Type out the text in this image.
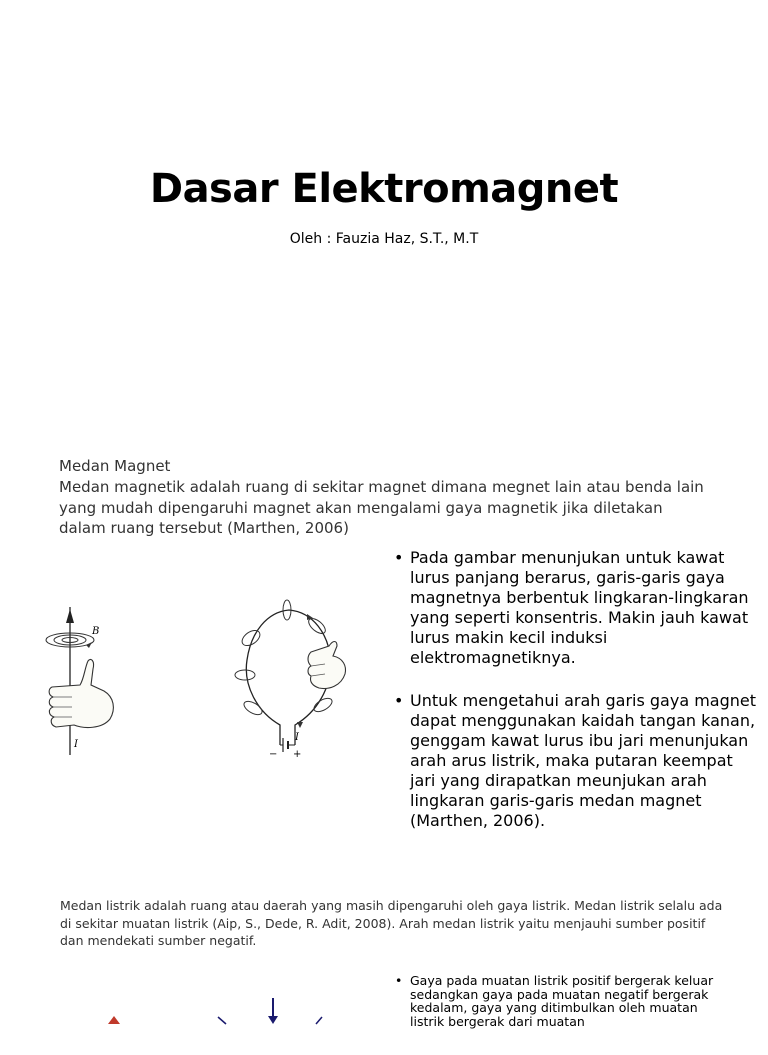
Dasar Elektromagnet
Oleh : Fauzia Haz, S.T., M.T
Medan Magnet
Medan magnetik adalah ruang di sekitar magnet dimana megnet lain atau benda lain yang mudah dipengaruhi magnet akan mengalami gaya magnetik jika diletakan dalam ruang tersebut (Marthen, 2006)
• Pada gambar menunjukan untuk kawat lurus panjang berarus, garis-garis gaya magnetnya berbentuk lingkaran-lingkaran yang seperti konsentris. Makin jauh kawat lurus makin kecil induksi elektromagnetiknya.
• Untuk mengetahui arah garis gaya magnet dapat menggunakan kaidah tangan kanan, genggam kawat lurus ibu jari menunjukan arah arus listrik, maka putaran keempat jari yang dirapatkan meunjukan arah lingkaran garis-garis medan magnet (Marthen, 2006).
B
I
I
− +
Medan listrik adalah ruang atau daerah yang masih dipengaruhi oleh gaya listrik. Medan listrik selalu ada di sekitar muatan listrik (Aip, S., Dede, R. Adit, 2008). Arah medan listrik yaitu menjauhi sumber positif dan mendekati sumber negatif.
• Gaya pada muatan listrik positif bergerak keluar sedangkan gaya pada muatan negatif bergerak kedalam, gaya yang ditimbulkan oleh muatan listrik bergerak dari muatan
